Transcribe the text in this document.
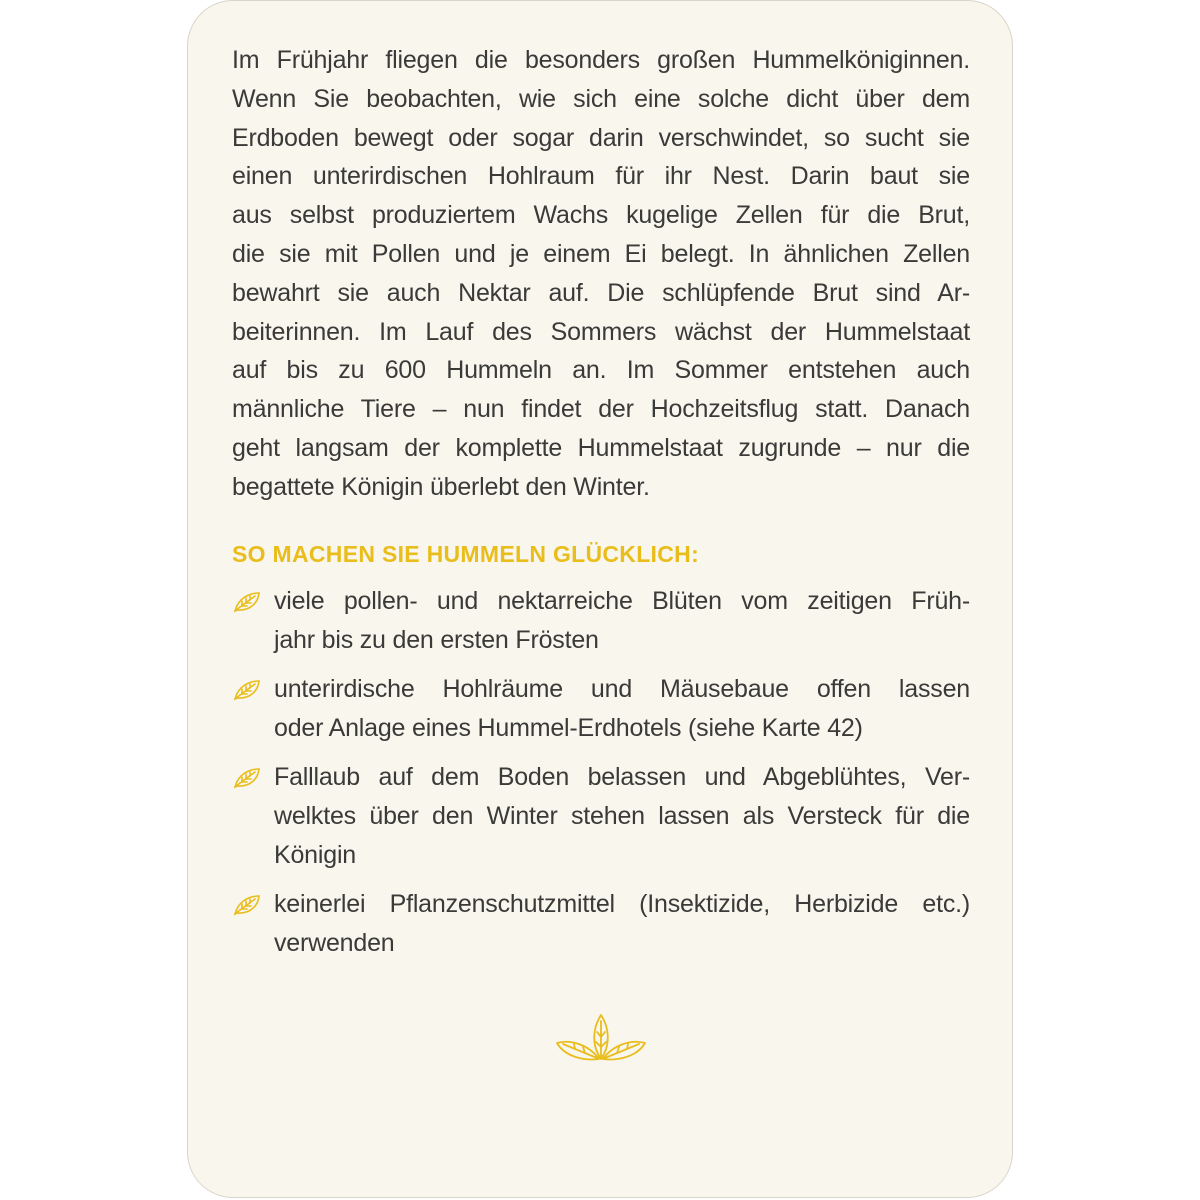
Im Frühjahr fliegen die besonders großen Hummelköniginnen.
Wenn Sie beobachten, wie sich eine solche dicht über dem
Erdboden bewegt oder sogar darin verschwindet, so sucht sie
einen unterirdischen Hohlraum für ihr Nest. Darin baut sie
aus selbst produziertem Wachs kugelige Zellen für die Brut,
die sie mit Pollen und je einem Ei belegt. In ähnlichen Zellen
bewahrt sie auch Nektar auf. Die schlüpfende Brut sind Ar-
beiterinnen. Im Lauf des Sommers wächst der Hummelstaat
auf bis zu 600 Hummeln an. Im Sommer entstehen auch
männliche Tiere – nun findet der Hochzeitsflug statt. Danach
geht langsam der komplette Hummelstaat zugrunde – nur die
begattete Königin überlebt den Winter.

SO MACHEN SIE HUMMELN GLÜCKLICH:
viele pollen- und nektarreiche Blüten vom zeitigen Früh-
jahr bis zu den ersten Frösten
unterirdische Hohlräume und Mäusebaue offen lassen
oder Anlage eines Hummel-Erdhotels (siehe Karte 42)
Falllaub auf dem Boden belassen und Abgeblühtes, Ver-
welktes über den Winter stehen lassen als Versteck für die
Königin
keinerlei Pflanzenschutzmittel (Insektizide, Herbizide etc.)
verwenden
